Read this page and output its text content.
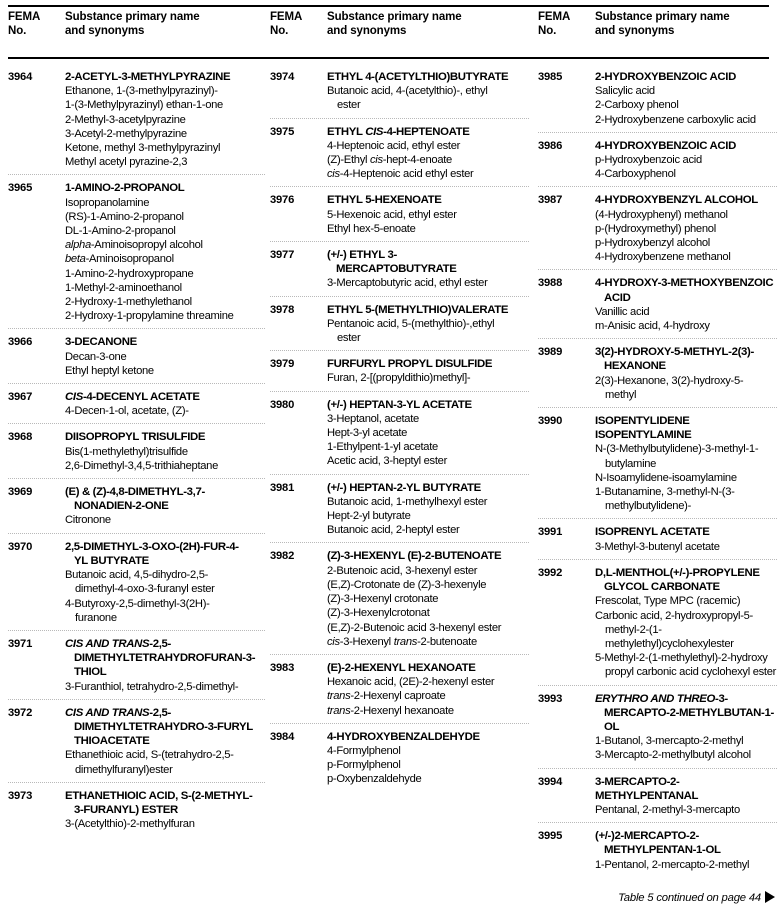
FEMA
No.
Substance primary name
and synonyms
3964	2-ACETYL-3-METHYLPYRAZINE
Ethanone, 1-(3-methylpyrazinyl)-
1-(3-Methylpyrazinyl) ethan-1-one
2-Methyl-3-acetylpyrazine
3-Acetyl-2-methylpyrazine
Ketone, methyl 3-methylpyrazinyl
Methyl acetyl pyrazine-2,3
3965	1-AMINO-2-PROPANOL
Isopropanolamine
(RS)-1-Amino-2-propanol
DL-1-Amino-2-propanol
alpha-Aminoisopropyl alcohol
beta-Aminoisopropanol
1-Amino-2-hydroxypropane
1-Methyl-2-aminoethanol
2-Hydroxy-1-methylethanol
2-Hydroxy-1-propylamine threamine
3966	3-DECANONE
Decan-3-one
Ethyl heptyl ketone
3967	CIS-4-DECENYL ACETATE
4-Decen-1-ol, acetate, (Z)-
3968	DIISOPROPYL TRISULFIDE
Bis(1-methylethyl)trisulfide
2,6-Dimethyl-3,4,5-trithiaheptane
3969	(E) & (Z)-4,8-DIMETHYL-3,7-
NONADIEN-2-ONE
Citronone
3970	2,5-DIMETHYL-3-OXO-(2H)-FUR-4-
YL BUTYRATE
Butanoic acid, 4,5-dihydro-2,5-
dimethyl-4-oxo-3-furanyl ester
4-Butyroxy-2,5-dimethyl-3(2H)-
furanone
3971	CIS AND TRANS-2,5-
DIMETHYLTETRAHYDROFURAN-3-
THIOL
3-Furanthiol, tetrahydro-2,5-dimethyl-
3972	CIS AND TRANS-2,5-
DIMETHYLTETRAHYDRO-3-FURYL
THIOACETATE
Ethanethioic acid, S-(tetrahydro-2,5-
dimethylfuranyl)ester
3973	ETHANETHIOIC ACID, S-(2-METHYL-
3-FURANYL) ESTER
3-(Acetylthio)-2-methylfuran
FEMA
No.
Substance primary name
and synonyms
3974	ETHYL 4-(ACETYLTHIO)BUTYRATE
Butanoic acid, 4-(acetylthio)-, ethyl
ester
3975	ETHYL CIS-4-HEPTENOATE
4-Heptenoic acid, ethyl ester
(Z)-Ethyl cis-hept-4-enoate
cis-4-Heptenoic acid ethyl ester
3976	ETHYL 5-HEXENOATE
5-Hexenoic acid, ethyl ester
Ethyl hex-5-enoate
3977	(+/-) ETHYL 3-
MERCAPTOBUTYRATE
3-Mercaptobutyric acid, ethyl ester
3978	ETHYL 5-(METHYLTHIO)VALERATE
Pentanoic acid, 5-(methylthio)-,ethyl
ester
3979	FURFURYL PROPYL DISULFIDE
Furan, 2-[(propyldithio)methyl]-
3980	(+/-) HEPTAN-3-YL ACETATE
3-Heptanol, acetate
Hept-3-yl acetate
1-Ethylpent-1-yl acetate
Acetic acid, 3-heptyl ester
3981	(+/-) HEPTAN-2-YL BUTYRATE
Butanoic acid, 1-methylhexyl ester
Hept-2-yl butyrate
Butanoic acid, 2-heptyl ester
3982	(Z)-3-HEXENYL (E)-2-BUTENOATE
2-Butenoic acid, 3-hexenyl ester
(E,Z)-Crotonate de (Z)-3-hexenyle
(Z)-3-Hexenyl crotonate
(Z)-3-Hexenylcrotonat
(E,Z)-2-Butenoic acid 3-hexenyl ester
cis-3-Hexenyl trans-2-butenoate
3983	(E)-2-HEXENYL HEXANOATE
Hexanoic acid, (2E)-2-hexenyl ester
trans-2-Hexenyl caproate
trans-2-Hexenyl hexanoate
3984	4-HYDROXYBENZALDEHYDE
4-Formylphenol
p-Formylphenol
p-Oxybenzaldehyde
FEMA
No.
Substance primary name
and synonyms
3985	2-HYDROXYBENZOIC ACID
Salicylic acid
2-Carboxy phenol
2-Hydroxybenzene carboxylic acid
3986	4-HYDROXYBENZOIC ACID
p-Hydroxybenzoic acid
4-Carboxyphenol
3987	4-HYDROXYBENZYL ALCOHOL
(4-Hydroxyphenyl) methanol
p-(Hydroxymethyl) phenol
p-Hydroxybenzyl alcohol
4-Hydroxybenzene methanol
3988	4-HYDROXY-3-METHOXYBENZOIC
ACID
Vanillic acid
m-Anisic acid, 4-hydroxy
3989	3(2)-HYDROXY-5-METHYL-2(3)-
HEXANONE
2(3)-Hexanone, 3(2)-hydroxy-5-
methyl
3990	ISOPENTYLIDENE ISOPENTYLAMINE
N-(3-Methylbutylidene)-3-methyl-1-
butylamine
N-Isoamylidene-isoamylamine
1-Butanamine, 3-methyl-N-(3-
methylbutylidene)-
3991	ISOPRENYL ACETATE
3-Methyl-3-butenyl acetate
3992	D,L-MENTHOL(+/-)-PROPYLENE
GLYCOL CARBONATE
Frescolat, Type MPC (racemic)
Carbonic acid, 2-hydroxypropyl-5-
methyl-2-(1-
methylethyl)cyclohexylester
5-Methyl-2-(1-methylethyl)-2-hydroxy
propyl carbonic acid cyclohexyl ester
3993	ERYTHRO AND THREO-3-
MERCAPTO-2-METHYLBUTAN-1-
OL
1-Butanol, 3-mercapto-2-methyl
3-Mercapto-2-methylbutyl alcohol
3994	3-MERCAPTO-2-METHYLPENTANAL
Pentanal, 2-methyl-3-mercapto
3995	(+/-)2-MERCAPTO-2-
METHYLPENTAN-1-OL
1-Pentanol, 2-mercapto-2-methyl
Table 5 continued on page 44
